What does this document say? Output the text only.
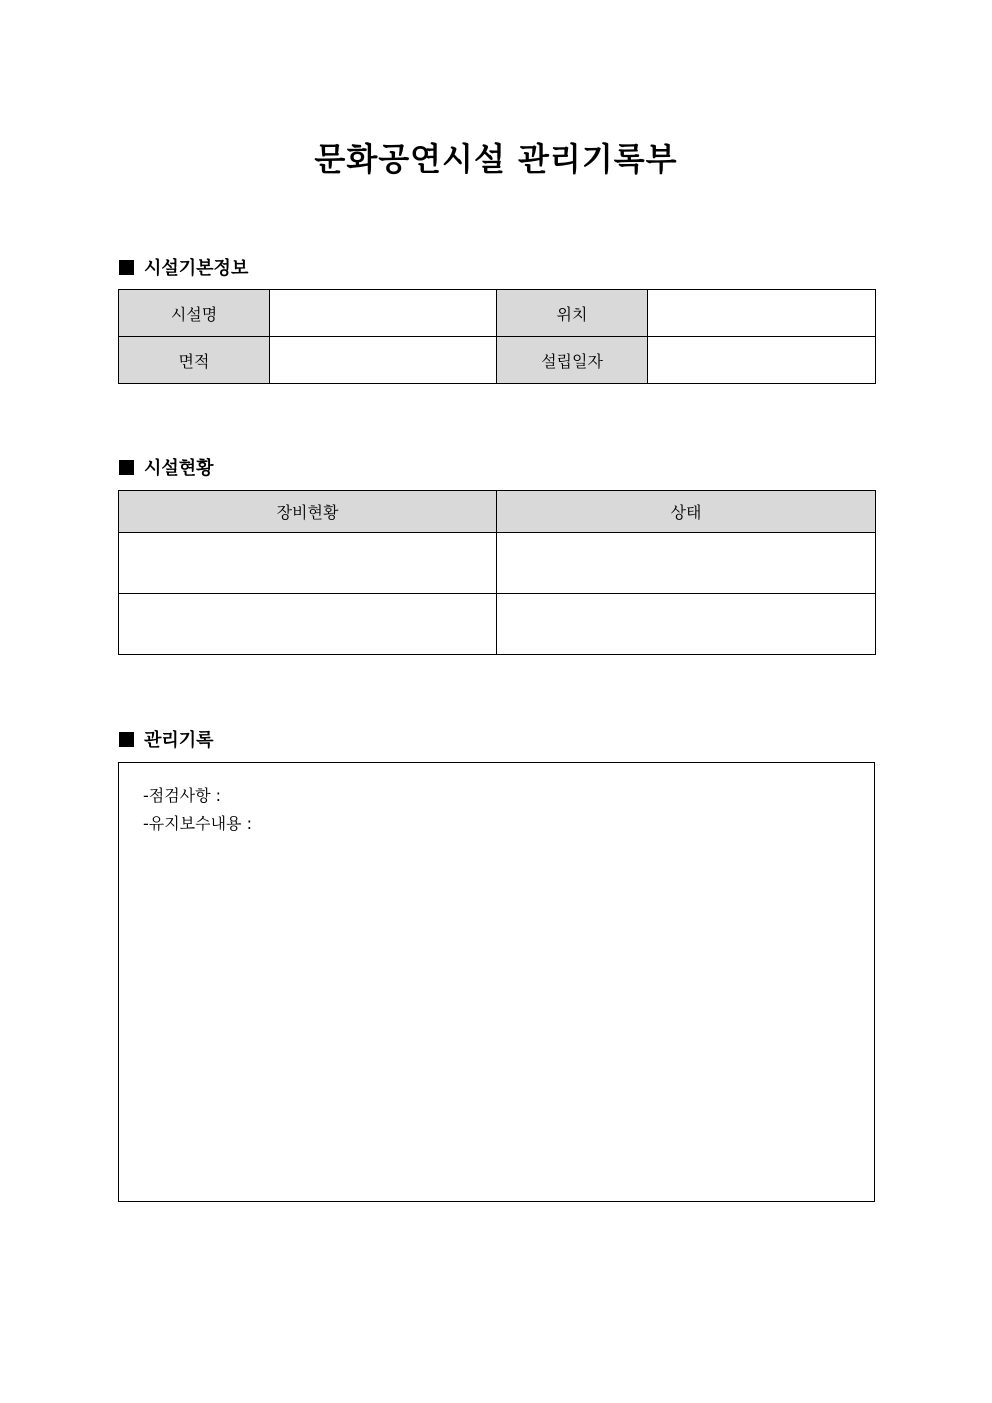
문화공연시설 관리기록부
시설기본정보
시설명		위치	
면적		설립일자	
시설현황
장비현황	상태

관리기록
-점검사항 :
-유지보수내용 :
